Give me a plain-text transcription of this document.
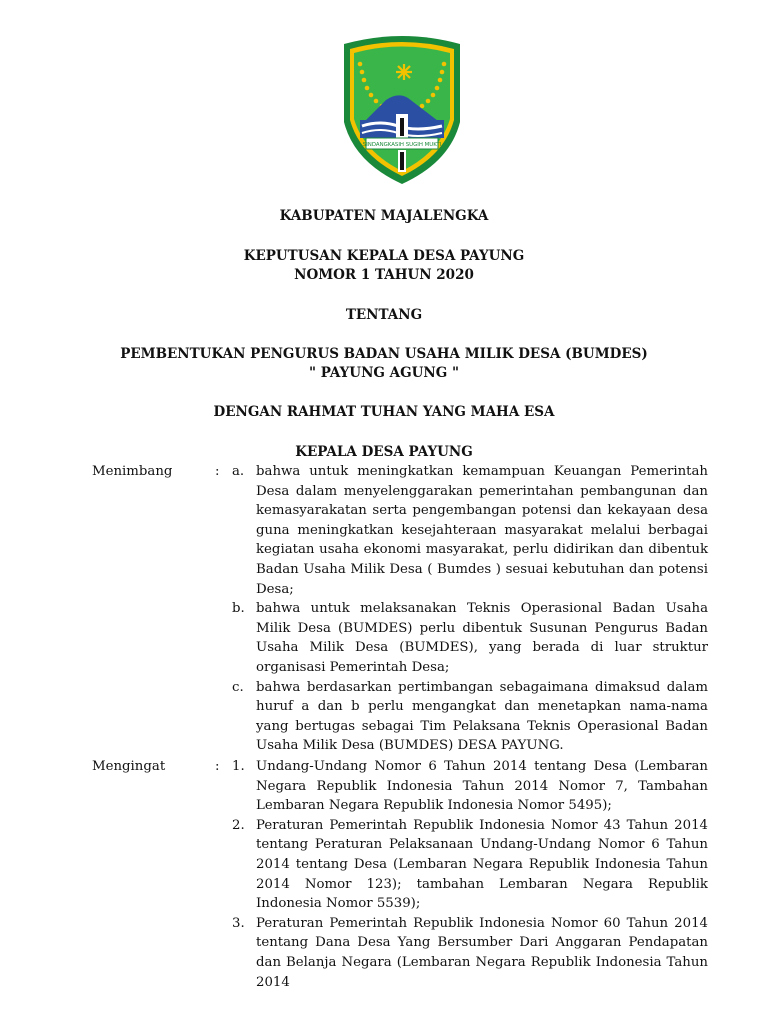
SINDANGKASIH SUGIH MUKTI
KABUPATEN MAJALENGKA
KEPUTUSAN KEPALA DESA PAYUNG
NOMOR 1 TAHUN 2020
TENTANG
PEMBENTUKAN PENGURUS BADAN USAHA MILIK DESA (BUMDES)
" PAYUNG AGUNG "
DENGAN RAHMAT TUHAN YANG MAHA ESA
KEPALA DESA PAYUNG
Menimbang	: a. bahwa untuk meningkatkan kemampuan Keuangan Pemerintah Desa dalam menyelenggarakan pemerintahan pembangunan dan kemasyarakatan serta pengembangan potensi dan kekayaan desa guna meningkatkan kesejahteraan masyarakat melalui berbagai kegiatan usaha ekonomi masyarakat, perlu didirikan dan dibentuk Badan Usaha Milik Desa ( Bumdes ) sesuai kebutuhan dan potensi Desa;
b. bahwa untuk melaksanakan Teknis Operasional Badan Usaha Milik Desa (BUMDES) perlu dibentuk Susunan Pengurus Badan Usaha Milik Desa (BUMDES), yang berada di luar struktur organisasi Pemerintah Desa;
c. bahwa berdasarkan pertimbangan sebagaimana dimaksud dalam huruf a dan b perlu mengangkat dan menetapkan nama-nama yang bertugas sebagai Tim Pelaksana Teknis Operasional Badan Usaha Milik Desa (BUMDES) DESA PAYUNG.
Mengingat	: 1. Undang-Undang Nomor 6 Tahun 2014 tentang Desa (Lembaran Negara Republik Indonesia Tahun 2014 Nomor 7, Tambahan Lembaran Negara Republik Indonesia Nomor 5495);
2. Peraturan Pemerintah Republik Indonesia Nomor 43 Tahun 2014 tentang Peraturan Pelaksanaan Undang-Undang Nomor 6 Tahun 2014 tentang Desa (Lembaran Negara Republik Indonesia Tahun 2014 Nomor 123); tambahan Lembaran Negara Republik Indonesia Nomor 5539);
3. Peraturan Pemerintah Republik Indonesia Nomor 60 Tahun 2014 tentang Dana Desa Yang Bersumber Dari Anggaran Pendapatan dan Belanja Negara (Lembaran Negara Republik Indonesia Tahun 2014
